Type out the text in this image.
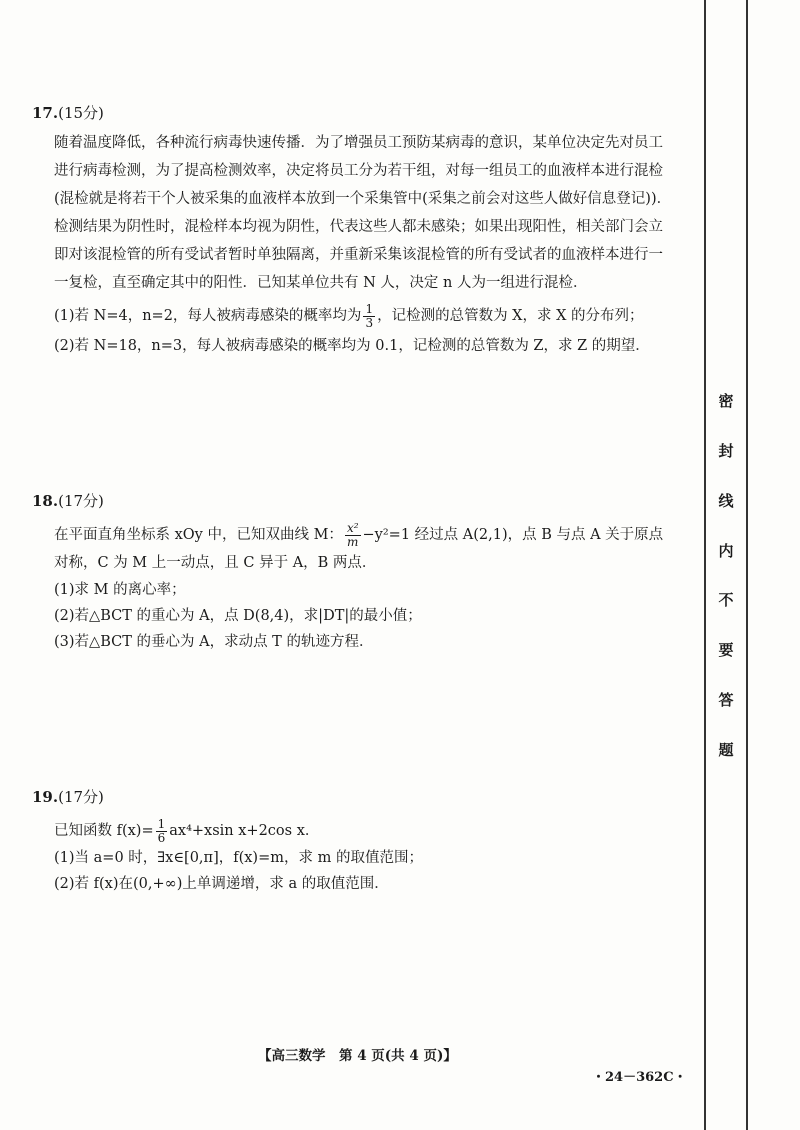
17.(15分)
随着温度降低，各种流行病毒快速传播．为了增强员工预防某病毒的意识，某单位决定先对员工进行病毒检测，为了提高检测效率，决定将员工分为若干组，对每一组员工的血液样本进行混检(混检就是将若干个人被采集的血液样本放到一个采集管中(采集之前会对这些人做好信息登记))．检测结果为阴性时，混检样本均视为阴性，代表这些人都未感染；如果出现阳性，相关部门会立即对该混检管的所有受试者暂时单独隔离，并重新采集该混检管的所有受试者的血液样本进行一一复检，直至确定其中的阳性．已知某单位共有 N 人，决定 n 人为一组进行混检．
(1)若 N=4，n=2，每人被病毒感染的概率均为 $\frac{1}{3}$ ，记检测的总管数为 X，求 X 的分布列；
(2)若 N=18，n=3，每人被病毒感染的概率均为 0.1，记检测的总管数为 Z，求 Z 的期望．
18.(17分)
在平面直角坐标系 xOy 中，已知双曲线 M： $\frac{\text{x²}}{m} -y^2=1$ 经过点 A(2,1)，点 B 与点 A 关于原点对称，C 为 M 上一动点，且 C 异于 A，B 两点．
(1)求 M 的离心率；
(2)若△BCT 的重心为 A，点 D(8,4)，求|DT|的最小值；
(3)若△BCT 的垂心为 A，求动点 T 的轨迹方程．
19.(17分)
已知函数 $f(x)= \frac{1}{6} ax^4+xsin$ x+2cos x．
(1)当 a=0 时，∃x∈[0,π]，f(x)=m，求 m 的取值范围；
(2)若 f(x)在(0,+∞)上单调递增，求 a 的取值范围．
密
封
线
内
不
要
答
题
【高三数学　第 4 页(共 4 页)】
・24－362C・
